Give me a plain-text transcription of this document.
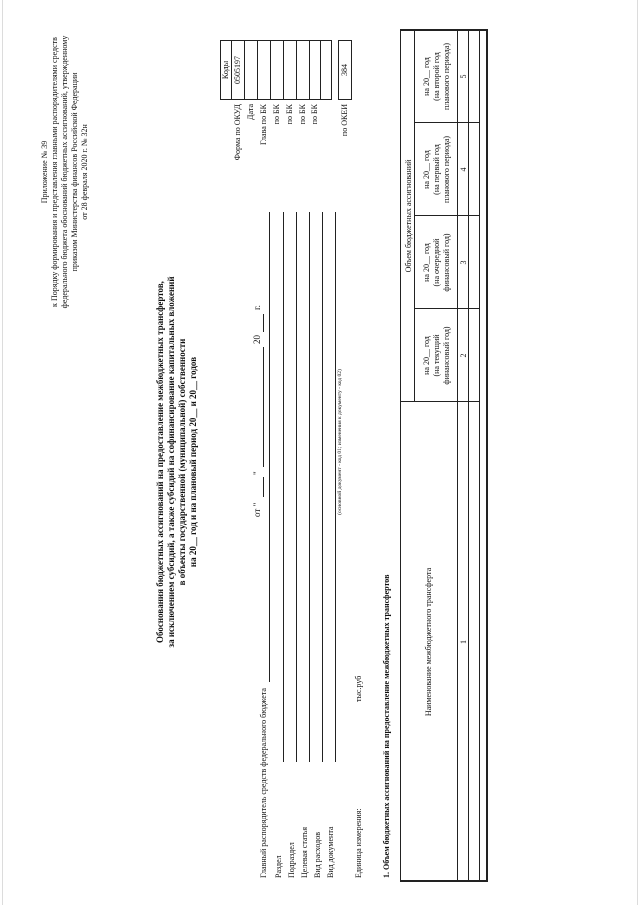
Приложение № 39 к Порядку формирования и представления главными распорядителями средств федерального бюджета обоснований бюджетных ассигнований, утвержденному приказом Министерства финансов Российской Федерации от 28 февраля 2020 г. № 32н
Обоснования бюджетных ассигнований на предоставление межбюджетных трансфертов, за исключением субсидий, а также субсидий на софинансирование капитальных вложений в объекты государственной (муниципальной) собственности на 20__ год и на плановый период 20__ и 20__ годов	от "
"
20
г.
Коды 0505197
Форма по ОКУД Дата Глава по БК по БК по БК по БК по БК
384
по ОКЕИ
Главный распорядитель средств федерального бюджета Раздел Подраздел Целевая статья Вид расходов Вид документа
(основной документ - код 01; изменения к документу - код 02)
Единица измерения:
тыс.руб 1. Объем бюджетных ассигнований на предоставление межбюджетных трансфертов	Наименование межбюджетного трансферта
Объем бюджетных ассигнований
на 20__ год (на текущий финансовый год)
на 20__ год (на очередной финансовый год)
на 20__ год (на первый год планового периода)
на 20__ год (на второй год планового периода)
1
2
3
4
5
